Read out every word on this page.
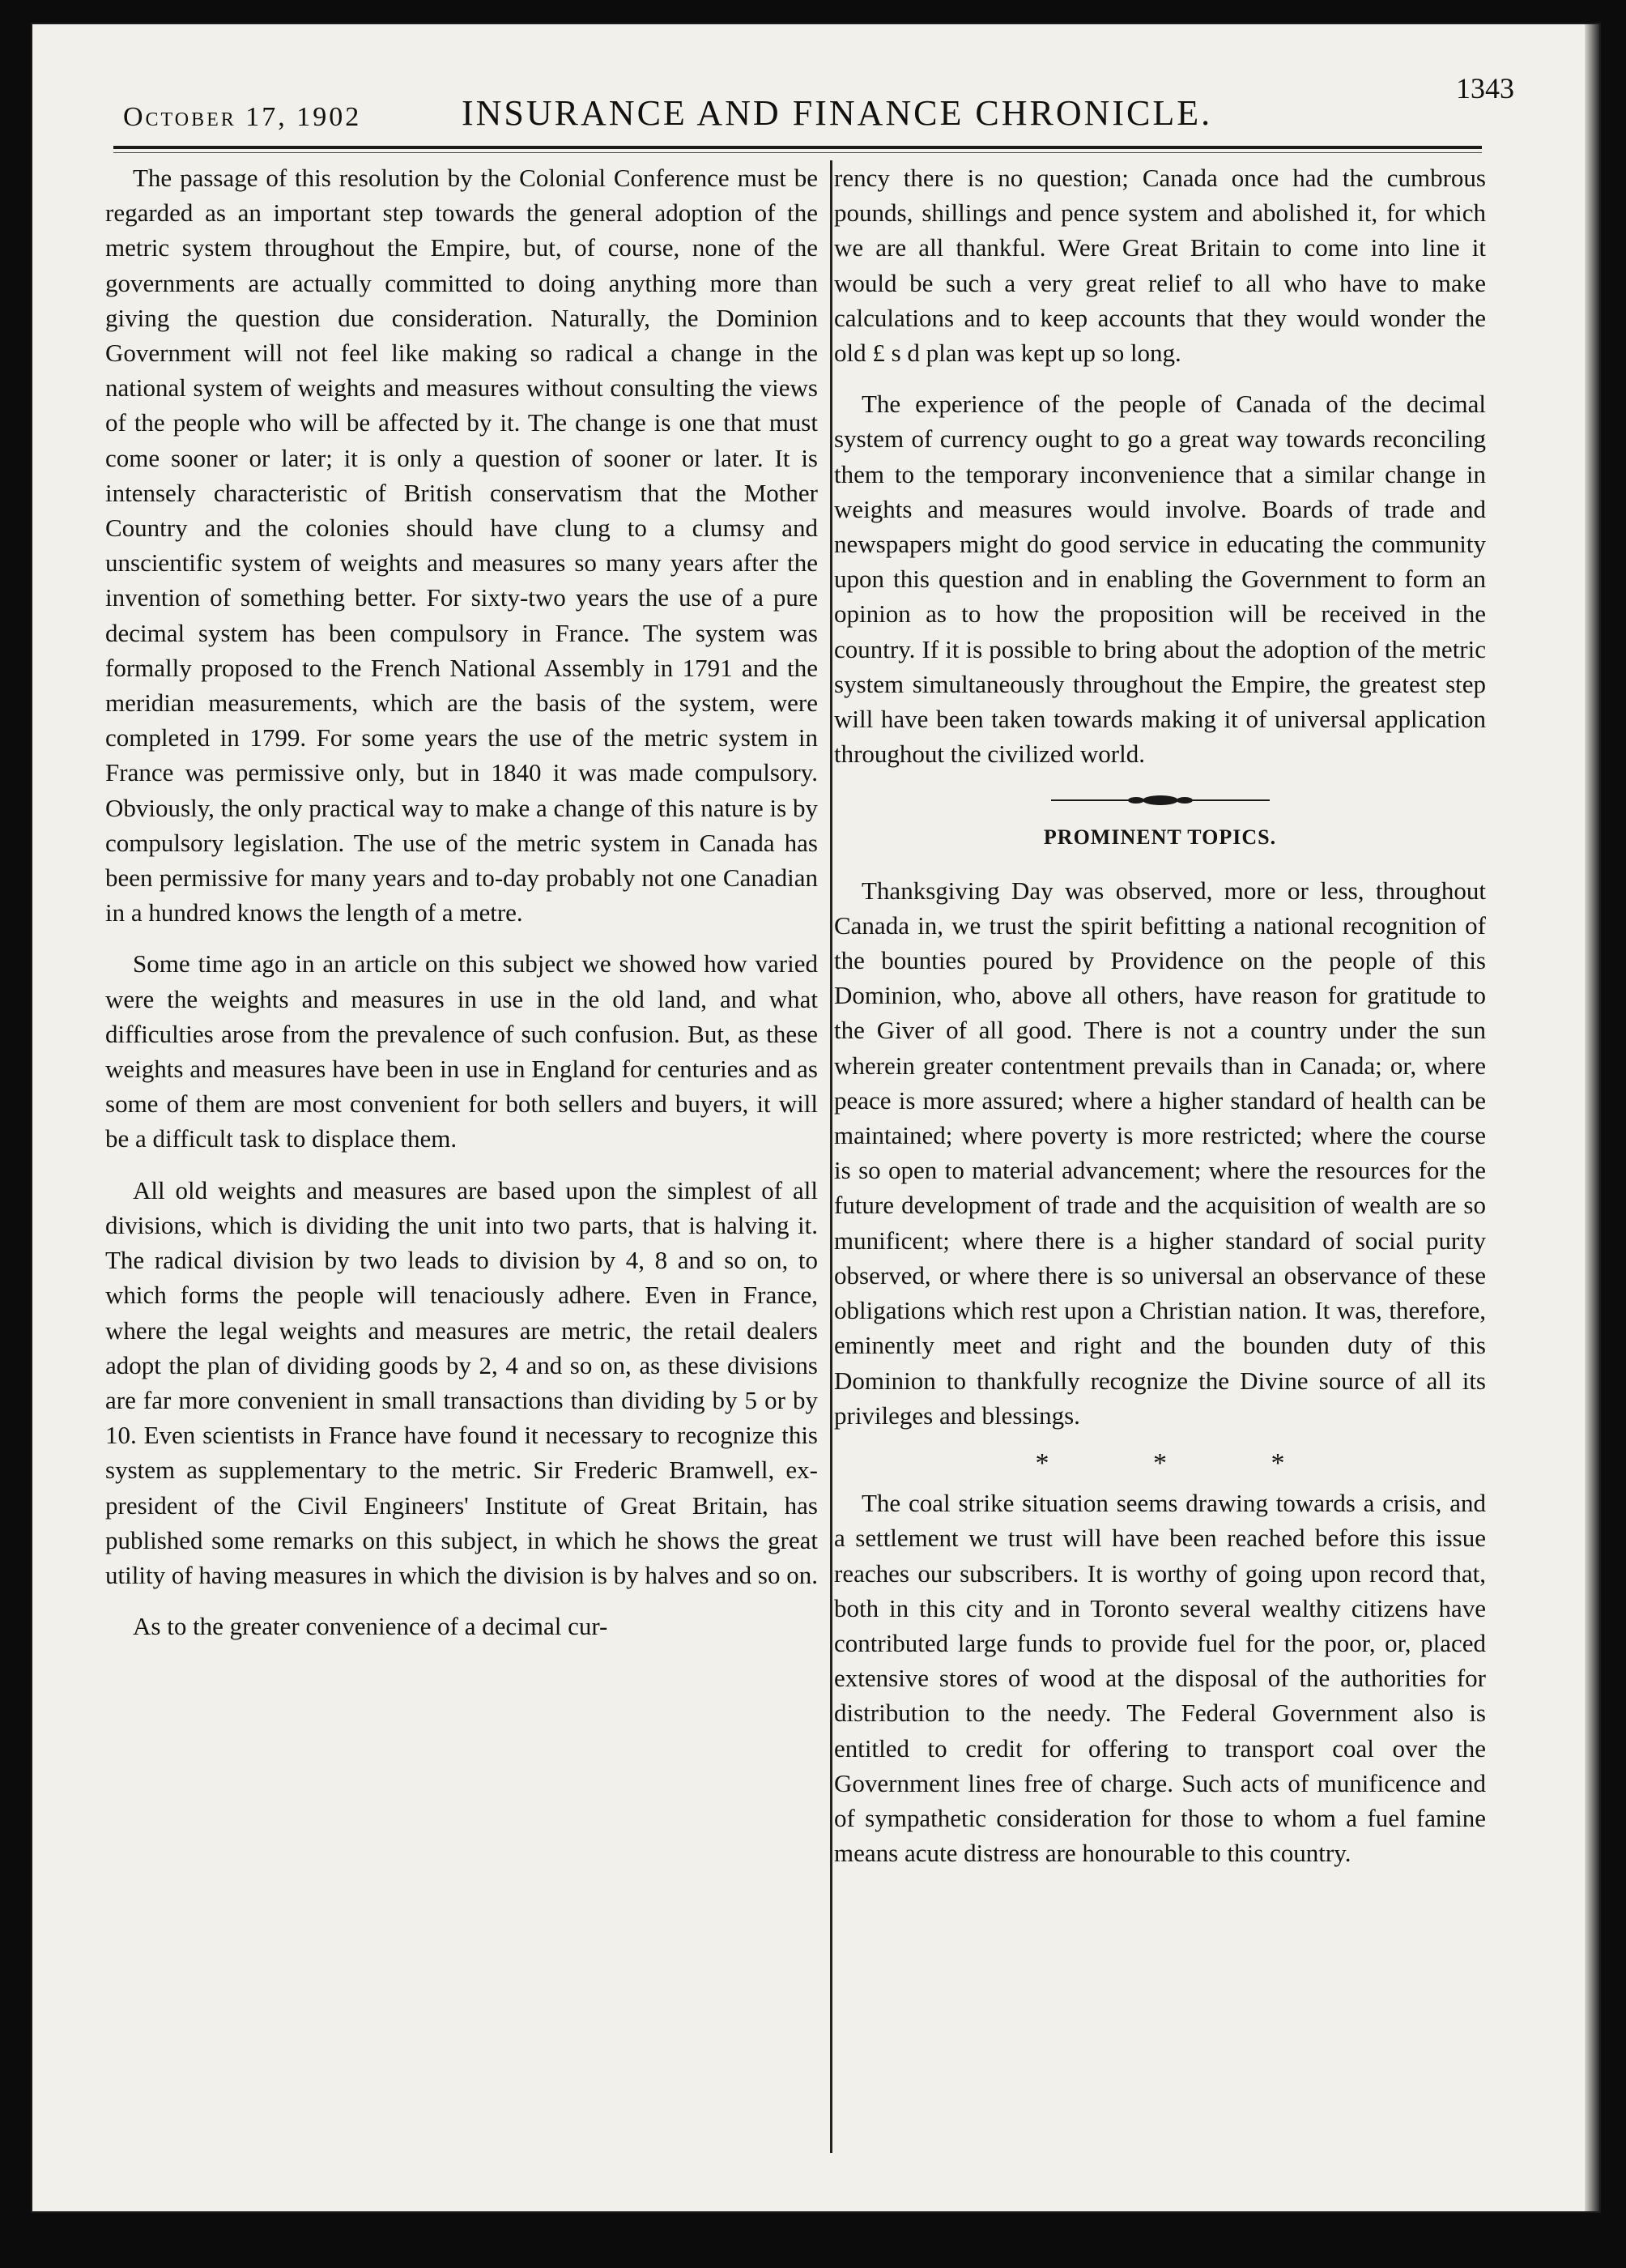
October 17, 1902	INSURANCE AND FINANCE CHRONICLE.
1343

The passage of this resolution by the Colonial Conference must be regarded as an important step towards the general adoption of the metric system throughout the Empire, but, of course, none of the governments are actually committed to doing anything more than giving the question due consideration. Naturally, the Dominion Government will not feel like making so radical a change in the national system of weights and measures without consulting the views of the people who will be affected by it. The change is one that must come sooner or later; it is only a question of sooner or later. It is intensely characteristic of British conservatism that the Mother Country and the colonies should have clung to a clumsy and unscientific system of weights and measures so many years after the invention of something better. For sixty-two years the use of a pure decimal system has been compulsory in France. The system was formally proposed to the French National Assembly in 1791 and the meridian measurements, which are the basis of the system, were completed in 1799. For some years the use of the metric system in France was permissive only, but in 1840 it was made compulsory. Obviously, the only practical way to make a change of this nature is by compulsory legislation. The use of the metric system in Canada has been permissive for many years and to-day probably not one Canadian in a hundred knows the length of a metre.

Some time ago in an article on this subject we showed how varied were the weights and measures in use in the old land, and what difficulties arose from the prevalence of such confusion. But, as these weights and measures have been in use in England for centuries and as some of them are most convenient for both sellers and buyers, it will be a difficult task to displace them.

All old weights and measures are based upon the simplest of all divisions, which is dividing the unit into two parts, that is halving it. The radical division by two leads to division by 4, 8 and so on, to which forms the people will tenaciously adhere. Even in France, where the legal weights and measures are metric, the retail dealers adopt the plan of dividing goods by 2, 4 and so on, as these divisions are far more convenient in small transactions than dividing by 5 or by 10. Even scientists in France have found it necessary to recognize this system as supplementary to the metric. Sir Frederic Bramwell, ex-president of the Civil Engineers' Institute of Great Britain, has published some remarks on this subject, in which he shows the great utility of having measures in which the division is by halves and so on.

As to the greater convenience of a decimal cur-

rency there is no question; Canada once had the cumbrous pounds, shillings and pence system and abolished it, for which we are all thankful. Were Great Britain to come into line it would be such a very great relief to all who have to make calculations and to keep accounts that they would wonder the old £ s d plan was kept up so long.

The experience of the people of Canada of the decimal system of currency ought to go a great way towards reconciling them to the temporary inconvenience that a similar change in weights and measures would involve. Boards of trade and newspapers might do good service in educating the community upon this question and in enabling the Government to form an opinion as to how the proposition will be received in the country. If it is possible to bring about the adoption of the metric system simultaneously throughout the Empire, the greatest step will have been taken towards making it of universal application throughout the civilized world.

PROMINENT TOPICS.

Thanksgiving Day was observed, more or less, throughout Canada in, we trust the spirit befitting a national recognition of the bounties poured by Providence on the people of this Dominion, who, above all others, have reason for gratitude to the Giver of all good. There is not a country under the sun wherein greater contentment prevails than in Canada; or, where peace is more assured; where a higher standard of health can be maintained; where poverty is more restricted; where the course is so open to material advancement; where the resources for the future development of trade and the acquisition of wealth are so munificent; where there is a higher standard of social purity observed, or where there is so universal an observance of these obligations which rest upon a Christian nation. It was, therefore, eminently meet and right and the bounden duty of this Dominion to thankfully recognize the Divine source of all its privileges and blessings.

* * *

The coal strike situation seems drawing towards a crisis, and a settlement we trust will have been reached before this issue reaches our subscribers. It is worthy of going upon record that, both in this city and in Toronto several wealthy citizens have contributed large funds to provide fuel for the poor, or, placed extensive stores of wood at the disposal of the authorities for distribution to the needy. The Federal Government also is entitled to credit for offering to transport coal over the Government lines free of charge. Such acts of munificence and of sympathetic consideration for those to whom a fuel famine means acute distress are honourable to this country.
